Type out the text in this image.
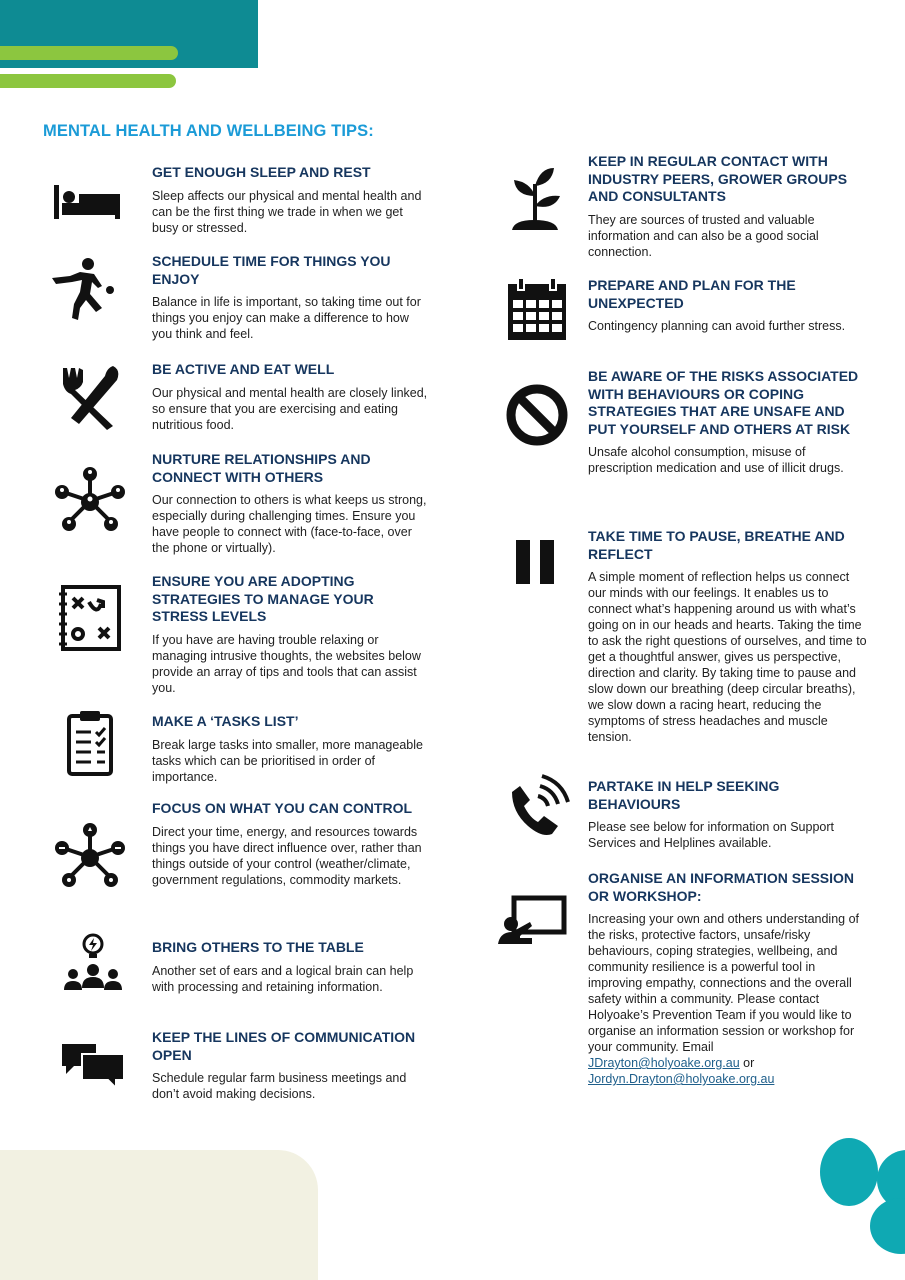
MENTAL HEALTH AND WELLBEING TIPS:
GET ENOUGH SLEEP AND REST

Sleep affects our physical and mental health and can be the first thing we trade in when we get busy or stressed.

SCHEDULE TIME FOR THINGS YOU ENJOY

Balance in life is important, so taking time out for things you enjoy can make a difference to how you think and feel.

BE ACTIVE AND EAT WELL

Our physical and mental health are closely linked, so ensure that you are exercising and eating nutritious food.

NURTURE RELATIONSHIPS AND CONNECT WITH OTHERS

Our connection to others is what keeps us strong, especially during challenging times. Ensure you have people to connect with (face-to-face, over the phone or virtually).

ENSURE YOU ARE ADOPTING STRATEGIES TO MANAGE YOUR STRESS LEVELS

If you have are having trouble relaxing or managing intrusive thoughts, the websites below provide an array of tips and tools that can assist you.

MAKE A ‘TASKS LIST’

Break large tasks into smaller, more manageable tasks which can be prioritised in order of importance.

FOCUS ON WHAT YOU CAN CONTROL

Direct your time, energy, and resources towards things you have direct influence over, rather than things outside of your control (weather/climate, government regulations, commodity markets.

BRING OTHERS TO THE TABLE

Another set of ears and a logical brain can help with processing and retaining information.

KEEP THE LINES OF COMMUNICATION OPEN

Schedule regular farm business meetings and don’t avoid making decisions.

KEEP IN REGULAR CONTACT WITH INDUSTRY PEERS, GROWER GROUPS AND CONSULTANTS

They are sources of trusted and valuable information and can also be a good social connection.

PREPARE AND PLAN FOR THE UNEXPECTED

Contingency planning can avoid further stress.

BE AWARE OF THE RISKS ASSOCIATED WITH BEHAVIOURS OR COPING STRATEGIES THAT ARE UNSAFE AND PUT YOURSELF AND OTHERS AT RISK

Unsafe alcohol consumption, misuse of prescription medication and use of illicit drugs.

TAKE TIME TO PAUSE, BREATHE AND REFLECT

A simple moment of reflection helps us connect our minds with our feelings. It enables us to connect what’s happening around us with what’s going on in our heads and hearts. Taking the time to ask the right questions of ourselves, and time to get a thoughtful answer, gives us perspective, direction and clarity. By taking time to pause and slow down our breathing (deep circular breaths), we slow down a racing heart, reducing the symptoms of stress headaches and muscle tension.

PARTAKE IN HELP SEEKING BEHAVIOURS

Please see below for information on Support Services and Helplines available.

ORGANISE AN INFORMATION SESSION OR WORKSHOP:

Increasing your own and others understanding of the risks, protective factors, unsafe/risky behaviours, coping strategies, wellbeing, and community resilience is a powerful tool in improving empathy, connections and the overall safety within a community. Please contact Holyoake’s Prevention Team if you would like to organise an information session or workshop for your community. Email
JDrayton@holyoake.org.au or
Jordyn.Drayton@holyoake.org.au
